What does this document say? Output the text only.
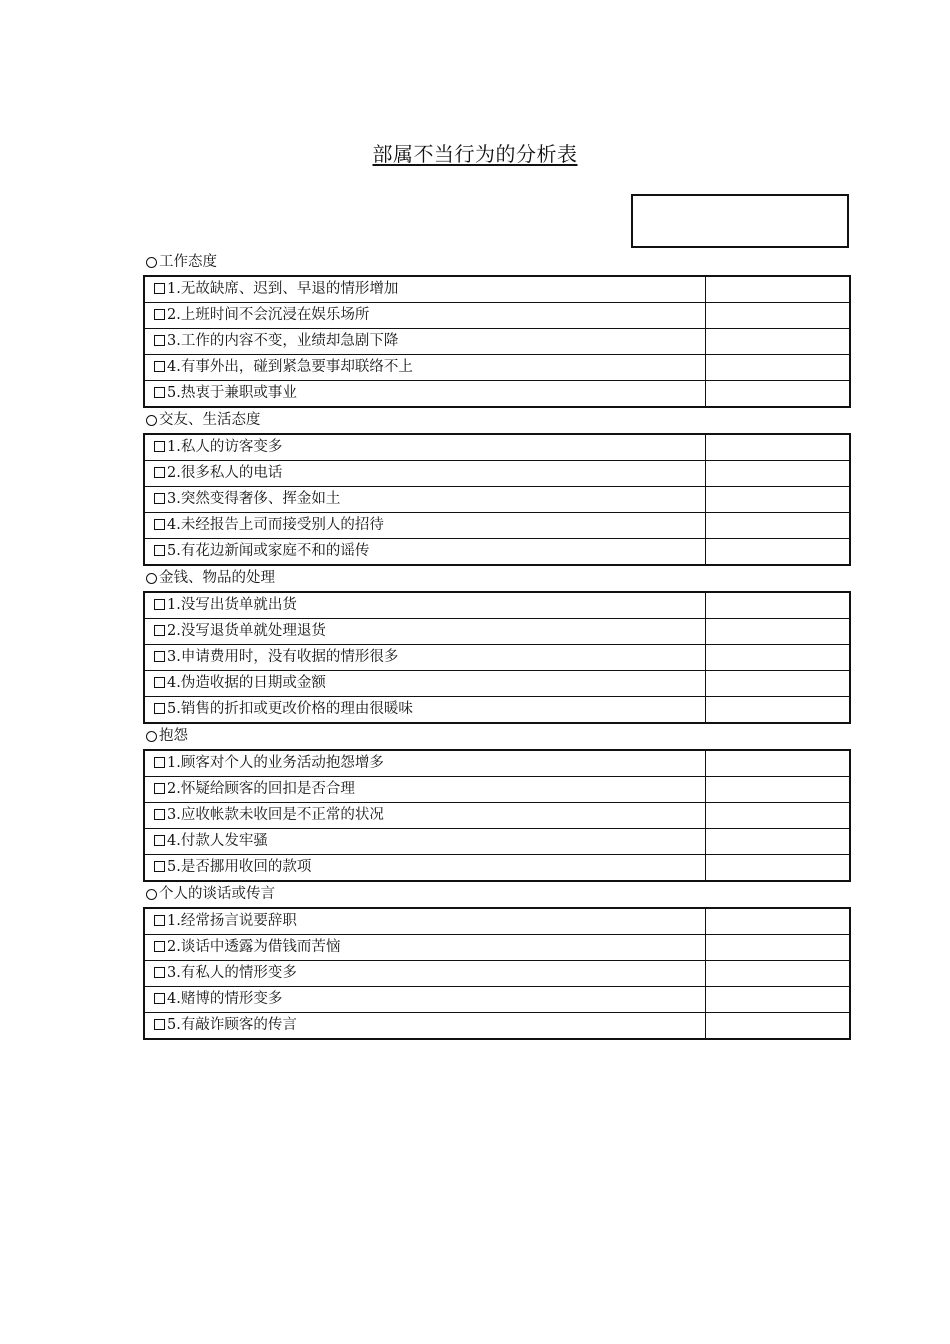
部属不当行为的分析表
工作态度
1.无故缺席、迟到、早退的情形增加	
2.上班时间不会沉浸在娱乐场所	
3.工作的内容不变，业绩却急剧下降	
4.有事外出，碰到紧急要事却联络不上	
5.热衷于兼职或事业	
交友、生活态度
1.私人的访客变多	
2.很多私人的电话	
3.突然变得奢侈、挥金如土	
4.未经报告上司而接受别人的招待	
5.有花边新闻或家庭不和的谣传	
金钱、物品的处理
1.没写出货单就出货	
2.没写退货单就处理退货	
3.申请费用时，没有收据的情形很多	
4.伪造收据的日期或金额	
5.销售的折扣或更改价格的理由很暖味	
抱怨
1.顾客对个人的业务活动抱怨增多	
2.怀疑给顾客的回扣是否合理	
3.应收帐款未收回是不正常的状况	
4.付款人发牢骚	
5.是否挪用收回的款项	
个人的谈话或传言
1.经常扬言说要辞职	
2.谈话中透露为借钱而苦恼	
3.有私人的情形变多	
4.赌博的情形变多	
5.有敲诈顾客的传言	
